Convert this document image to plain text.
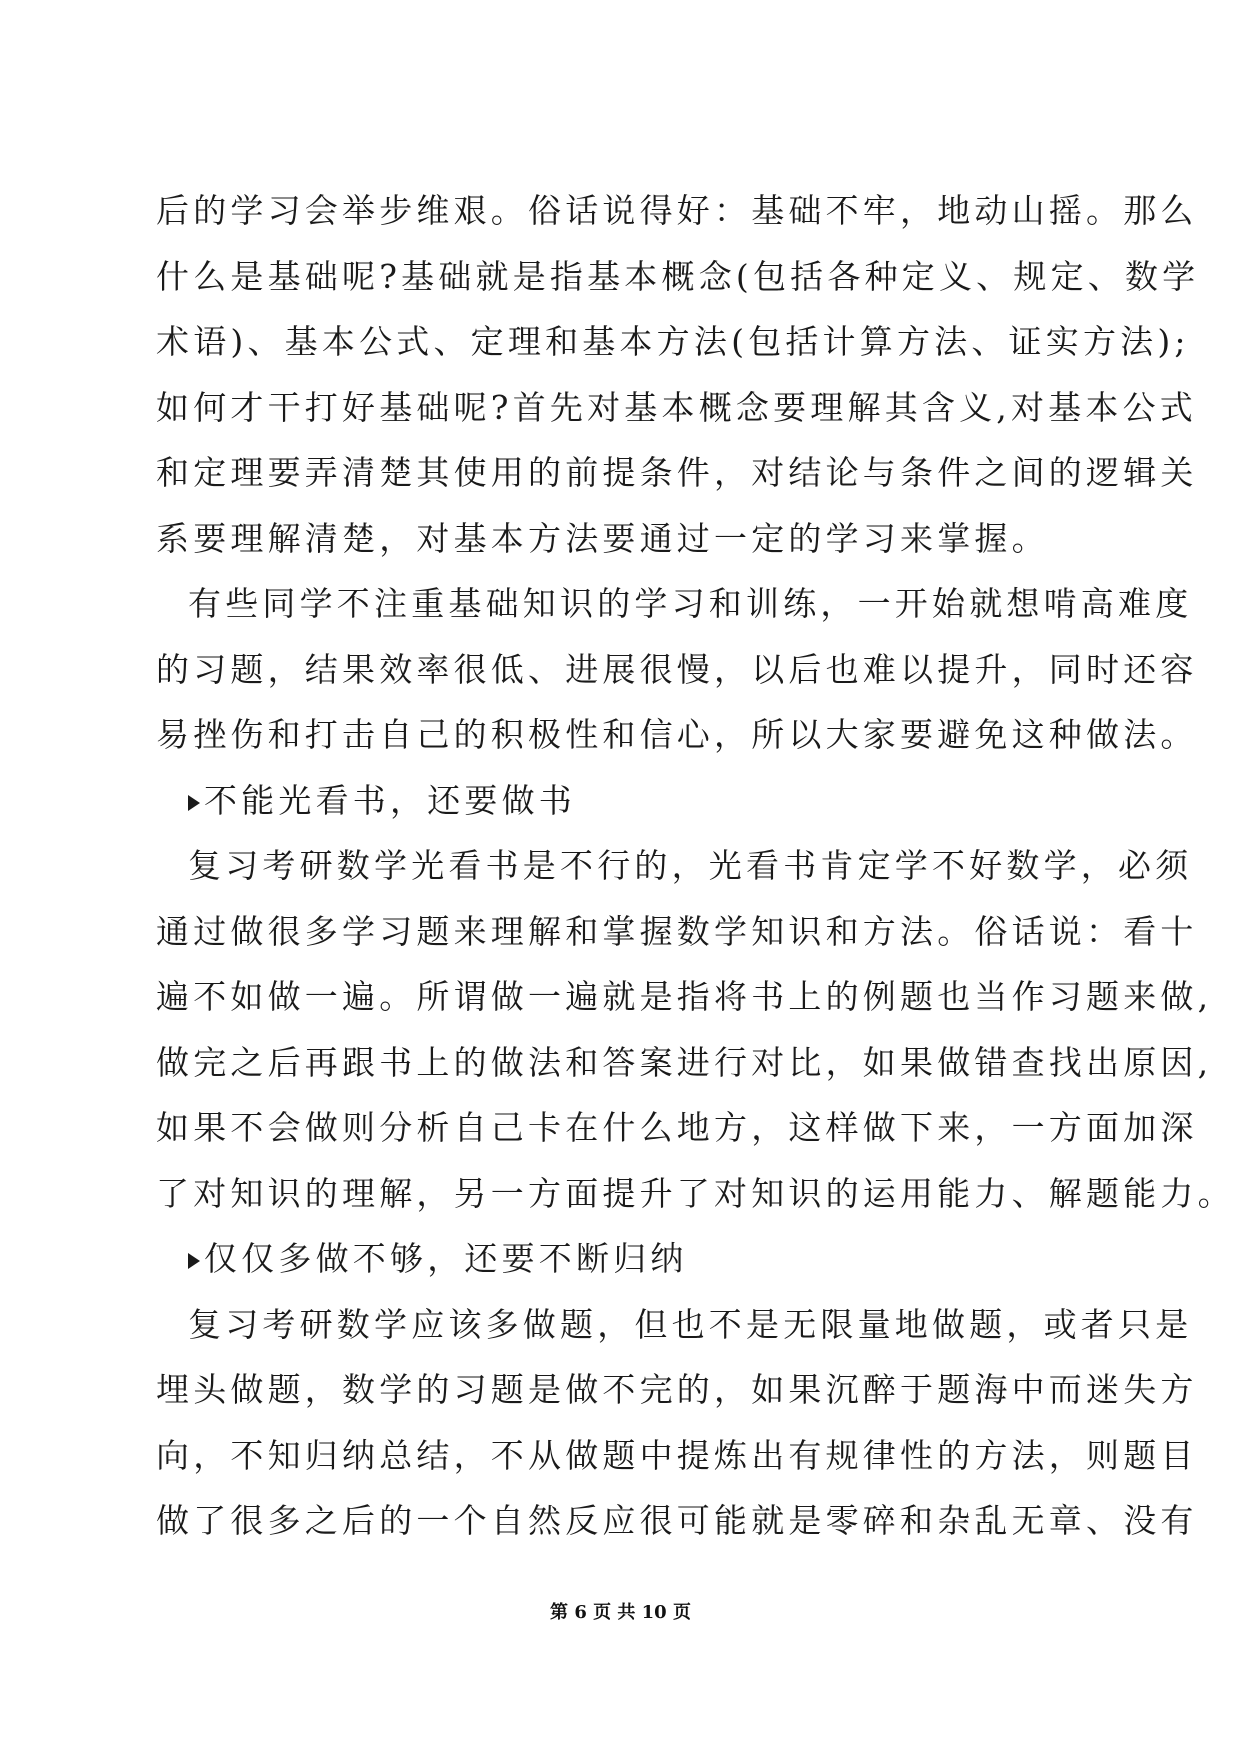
后的学习会举步维艰。俗话说得好：基础不牢，地动山摇。那么
什么是基础呢?基础就是指基本概念(包括各种定义、规定、数学
术语)、基本公式、定理和基本方法(包括计算方法、证实方法);
如何才干打好基础呢?首先对基本概念要理解其含义,对基本公式
和定理要弄清楚其使用的前提条件，对结论与条件之间的逻辑关
系要理解清楚，对基本方法要通过一定的学习来掌握。
有些同学不注重基础知识的学习和训练，一开始就想啃高难度
的习题，结果效率很低、进展很慢，以后也难以提升，同时还容
易挫伤和打击自己的积极性和信心，所以大家要避免这种做法。
不能光看书，还要做书
复习考研数学光看书是不行的，光看书肯定学不好数学，必须
通过做很多学习题来理解和掌握数学知识和方法。俗话说：看十
遍不如做一遍。所谓做一遍就是指将书上的例题也当作习题来做,
做完之后再跟书上的做法和答案进行对比，如果做错查找出原因,
如果不会做则分析自己卡在什么地方，这样做下来，一方面加深
了对知识的理解，另一方面提升了对知识的运用能力、解题能力。
仅仅多做不够，还要不断归纳
复习考研数学应该多做题，但也不是无限量地做题，或者只是
埋头做题，数学的习题是做不完的，如果沉醉于题海中而迷失方
向，不知归纳总结，不从做题中提炼出有规律性的方法，则题目
做了很多之后的一个自然反应很可能就是零碎和杂乱无章、没有
第 6 页 共 10 页
